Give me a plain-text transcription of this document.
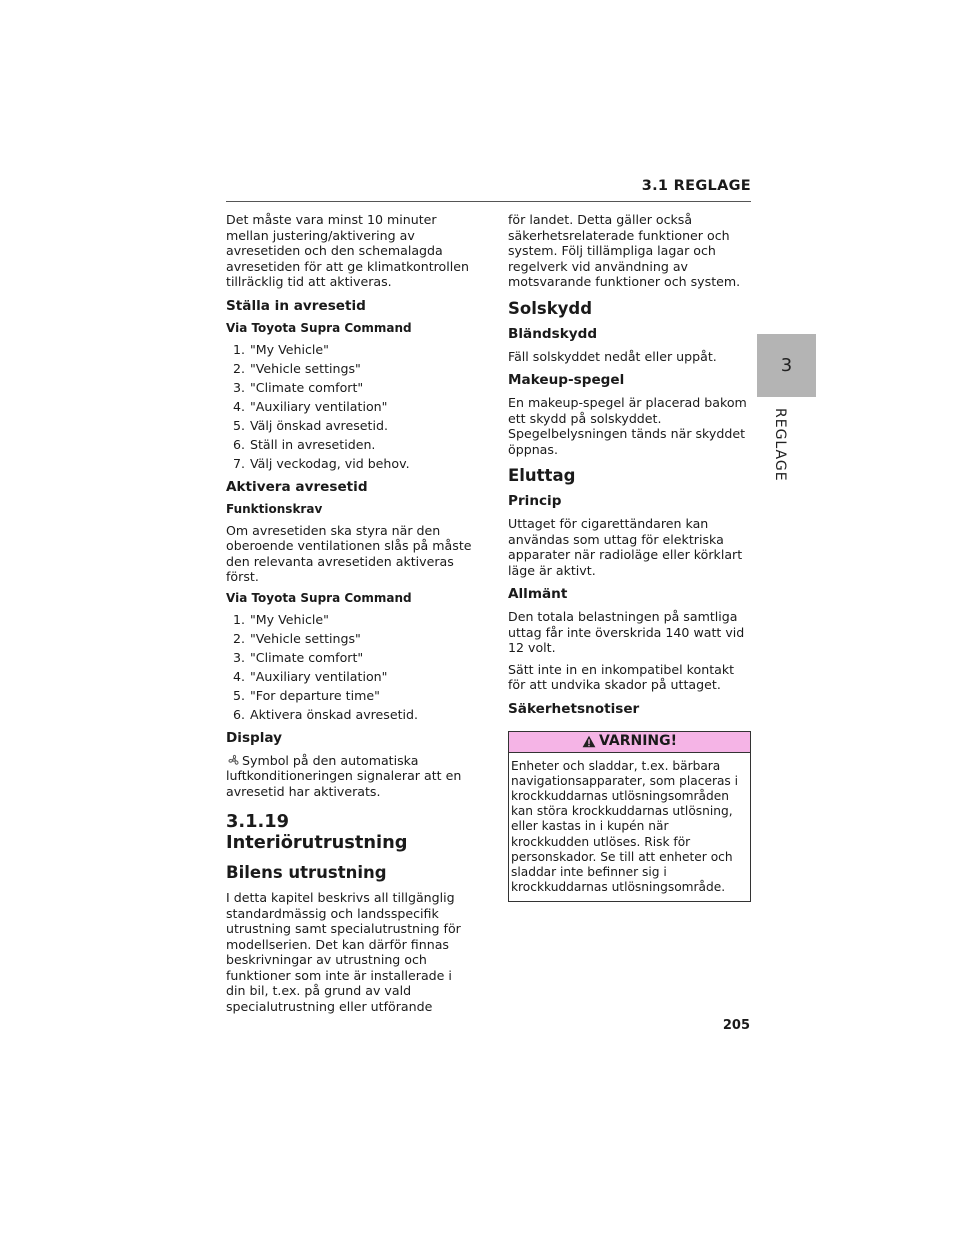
3.1 REGLAGE
3
REGLAGE

Det måste vara minst 10 minuter mellan justering/aktivering av avresetiden och den schemalagda avresetiden för att ge klimatkontrollen tillräcklig tid att aktiveras.

Ställa in avresetid
Via Toyota Supra Command
1. "My Vehicle"
2. "Vehicle settings"
3. "Climate comfort"
4. "Auxiliary ventilation"
5. Välj önskad avresetid.
6. Ställ in avresetiden.
7. Välj veckodag, vid behov.
Aktivera avresetid
Funktionskrav

Om avresetiden ska styra när den oberoende ventilationen slås på måste den relevanta avresetiden aktiveras först.

Via Toyota Supra Command
1. "My Vehicle"
2. "Vehicle settings"
3. "Climate comfort"
4. "Auxiliary ventilation"
5. "For departure time"
6. Aktivera önskad avresetid.
Display

Symbol på den automatiska luftkonditioneringen signalerar att en avresetid har aktiverats.

3.1.19 Interiörutrustning
Bilens utrustning

I detta kapitel beskrivs all tillgänglig standardmässig och landsspecifik utrustning samt specialutrustning för modellserien. Det kan därför finnas beskrivningar av utrustning och funktioner som inte är installerade i din bil, t.ex. på grund av vald specialutrustning eller utförande

för landet. Detta gäller också säkerhetsrelaterade funktioner och system. Följ tillämpliga lagar och regelverk vid användning av motsvarande funktioner och system.

Solskydd
Bländskydd

Fäll solskyddet nedåt eller uppåt.

Makeup-spegel

En makeup-spegel är placerad bakom ett skydd på solskyddet. Spegelbelysningen tänds när skyddet öppnas.

Eluttag
Princip

Uttaget för cigarettändaren kan användas som uttag för elektriska apparater när radioläge eller körklart läge är aktivt.

Allmänt

Den totala belastningen på samtliga uttag får inte överskrida 140 watt vid 12 volt.

Sätt inte in en inkompatibel kontakt för att undvika skador på uttaget.

Säkerhetsnotiser
VARNING!
Enheter och sladdar, t.ex. bärbara navigationsapparater, som placeras i krockkuddarnas utlösningsområden kan störa krockkuddarnas utlösning, eller kastas in i kupén när krockkudden utlöses. Risk för personskador. Se till att enheter och sladdar inte befinner sig i krockkuddarnas utlösningsområde.
205
